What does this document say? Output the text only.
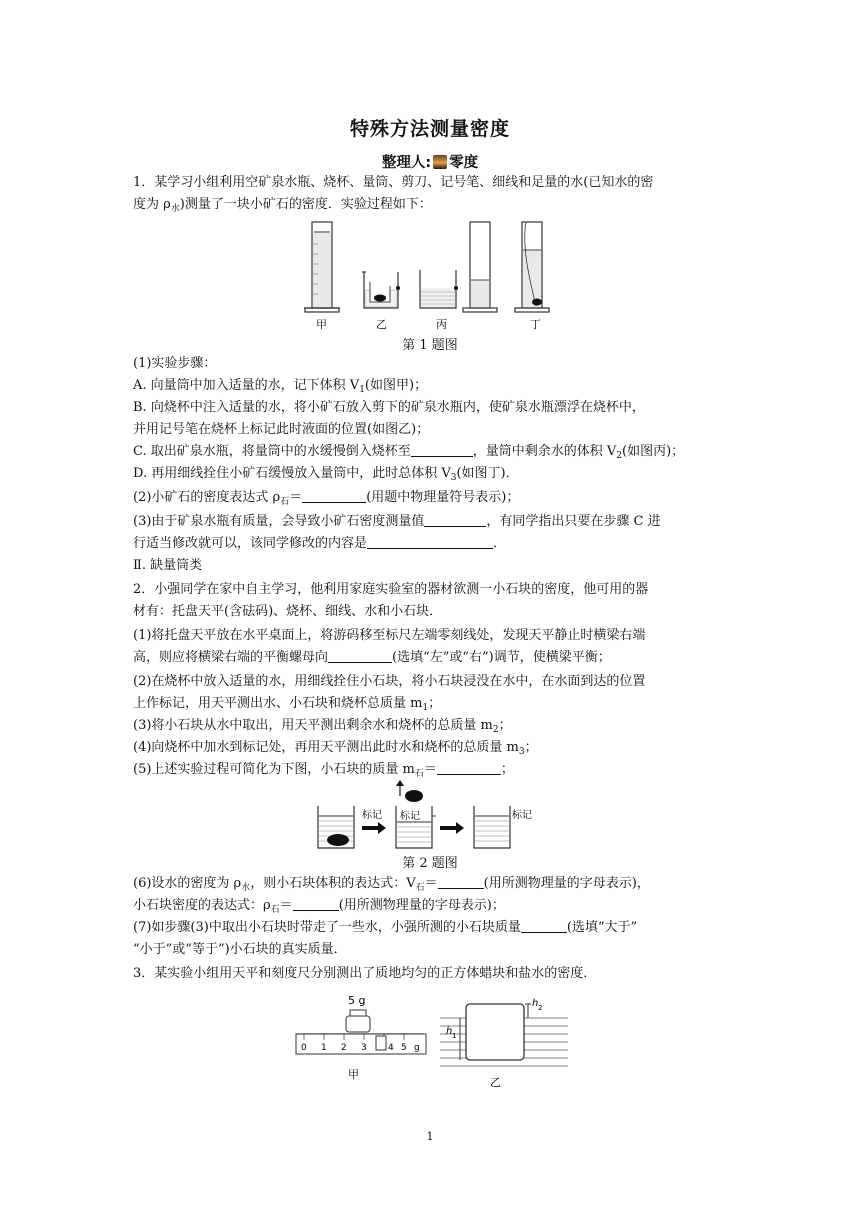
特殊方法测量密度
整理人: 零度
1．某学习小组利用空矿泉水瓶、烧杯、量筒、剪刀、记号笔、细线和足量的水(已知水的密
度为 $\rho_水$)测量了一块小矿石的密度．实验过程如下：
甲	乙	丙	丁
第 1 题图
(1)实验步骤：
A. 向量筒中加入适量的水，记下体积 $V_1$(如图甲)；
B. 向烧杯中注入适量的水，将小矿石放入剪下的矿泉水瓶内，使矿泉水瓶漂浮在烧杯中，
并用记号笔在烧杯上标记此时液面的位置(如图乙)；
C. 取出矿泉水瓶，将量筒中的水缓慢倒入烧杯至	，量筒中剩余水的体积 $V_2$(如图丙)；
D. 再用细线拴住小矿石缓慢放入量筒中，此时总体积 $V_3$(如图丁)．
(2)小矿石的密度表达式 $\rho_石=$	(用题中物理量符号表示)；
(3)由于矿泉水瓶有质量，会导致小矿石密度测量值	，有同学指出只要在步骤 C 进
行适当修改就可以，该同学修改的内容是	．
Ⅱ. 缺量筒类
2．小强同学在家中自主学习，他利用家庭实验室的器材欲测一小石块的密度，他可用的器
材有：托盘天平(含砝码)、烧杯、细线、水和小石块．
(1)将托盘天平放在水平桌面上，将游码移至标尺左端零刻线处，发现天平静止时横梁右端
高，则应将横梁右端的平衡螺母向	(选填“左”或“右”)调节，使横梁平衡；
(2)在烧杯中放入适量的水，用细线拴住小石块，将小石块浸没在水中，在水面到达的位置
上作标记，用天平测出水、小石块和烧杯总质量 $m_1$；
(3)将小石块从水中取出，用天平测出剩余水和烧杯的总质量 $m_2$；
(4)向烧杯中加水到标记处，再用天平测出此时水和烧杯的总质量 $m_3$；
(5)上述实验过程可简化为下图，小石块的质量 $m_石=$	；
标记	标记
标记
第 2 题图
(6)设水的密度为 $\rho_水$，则小石块体积的表达式：$V_石=$	(用所测物理量的字母表示)，
小石块密度的表达式：$\rho_石=$	(用所测物理量的字母表示)；
(7)如步骤(3)中取出小石块时带走了一些水，小强所测的小石块质量	(选填“大于”
“小于”或“等于”)小石块的真实质量．
3．某实验小组用天平和刻度尺分别测出了质地均匀的正方体蜡块和盐水的密度．
5 g
0 1 2 3 4 5 g
甲
h 2
h 1
乙
1
